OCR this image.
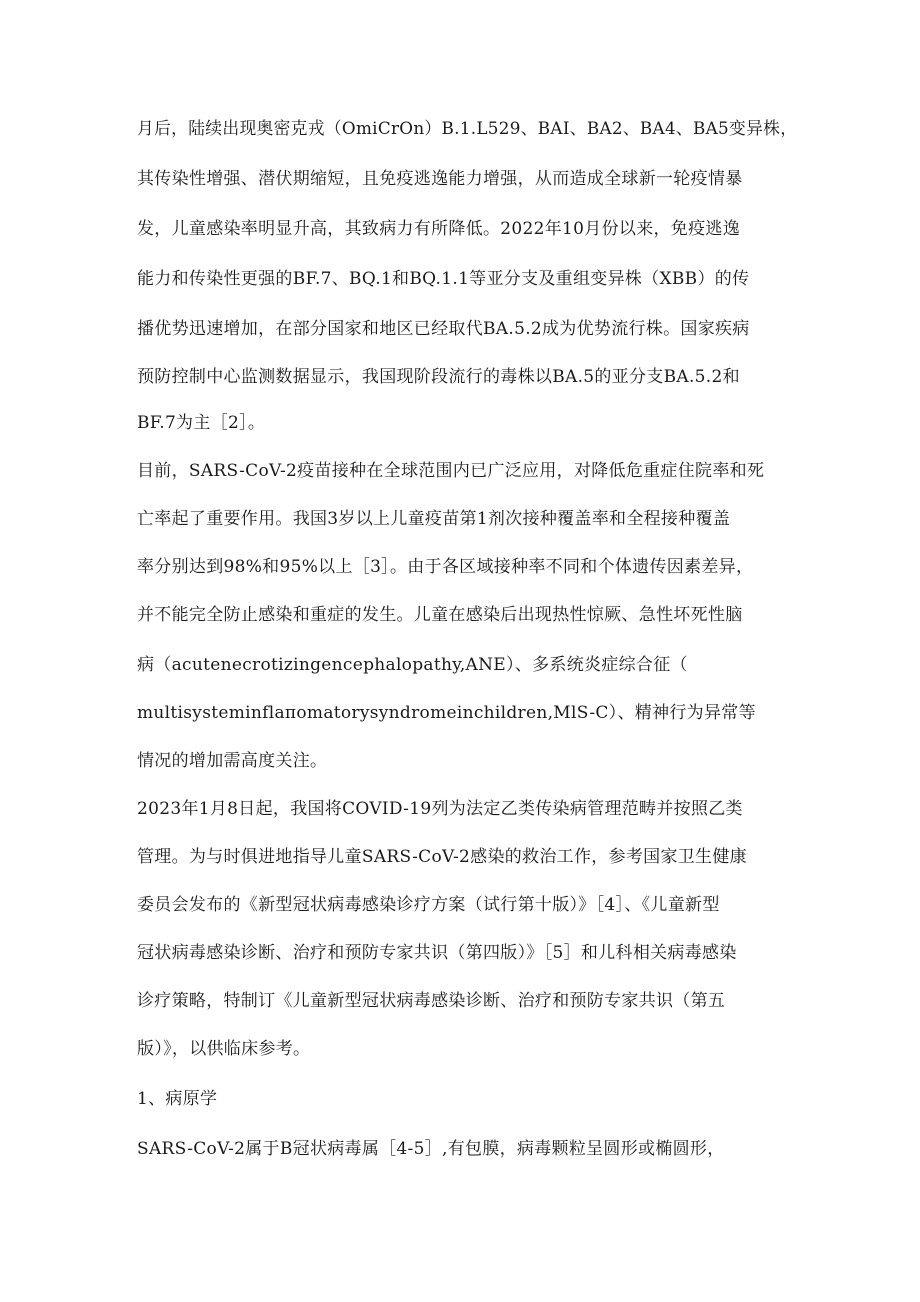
月后，陆续出现奥密克戎（OmiCrOn）B.1.L529、BAI、BA2、BA4、BA5变异株，
其传染性增强、潜伏期缩短，且免疫逃逸能力增强，从而造成全球新一轮疫情暴
发，儿童感染率明显升高，其致病力有所降低。2022年10月份以来，免疫逃逸
能力和传染性更强的BF.7、BQ.1和BQ.1.1等亚分支及重组变异株（XBB）的传
播优势迅速增加，在部分国家和地区已经取代BA.5.2成为优势流行株。国家疾病
预防控制中心监测数据显示，我国现阶段流行的毒株以BA.5的亚分支BA.5.2和
BF.7为主［2］。
目前，SARS-CoV-2疫苗接种在全球范围内已广泛应用，对降低危重症住院率和死
亡率起了重要作用。我国3岁以上儿童疫苗第1剂次接种覆盖率和全程接种覆盖
率分别达到98%和95%以上［3］。由于各区域接种率不同和个体遗传因素差异，
并不能完全防止感染和重症的发生。儿童在感染后出现热性惊厥、急性坏死性脑
病（acutenecrotizingencephalopathy,ANE）、多系统炎症综合征（
multisysteminflaπomatorysyndromeinchildren,MlS-C）、精神行为异常等
情况的增加需高度关注。
2023年1月8日起，我国将COVID-19列为法定乙类传染病管理范畴并按照乙类
管理。为与时俱进地指导儿童SARS-CoV-2感染的救治工作，参考国家卫生健康
委员会发布的《新型冠状病毒感染诊疗方案（试行第十版）》［4］、《儿童新型
冠状病毒感染诊断、治疗和预防专家共识（第四版）》［5］和儿科相关病毒感染
诊疗策略，特制订《儿童新型冠状病毒感染诊断、治疗和预防专家共识（第五
版）》，以供临床参考。
1、病原学
SARS-CoV-2属于B冠状病毒属［4-5］,有包膜，病毒颗粒呈圆形或椭圆形，
